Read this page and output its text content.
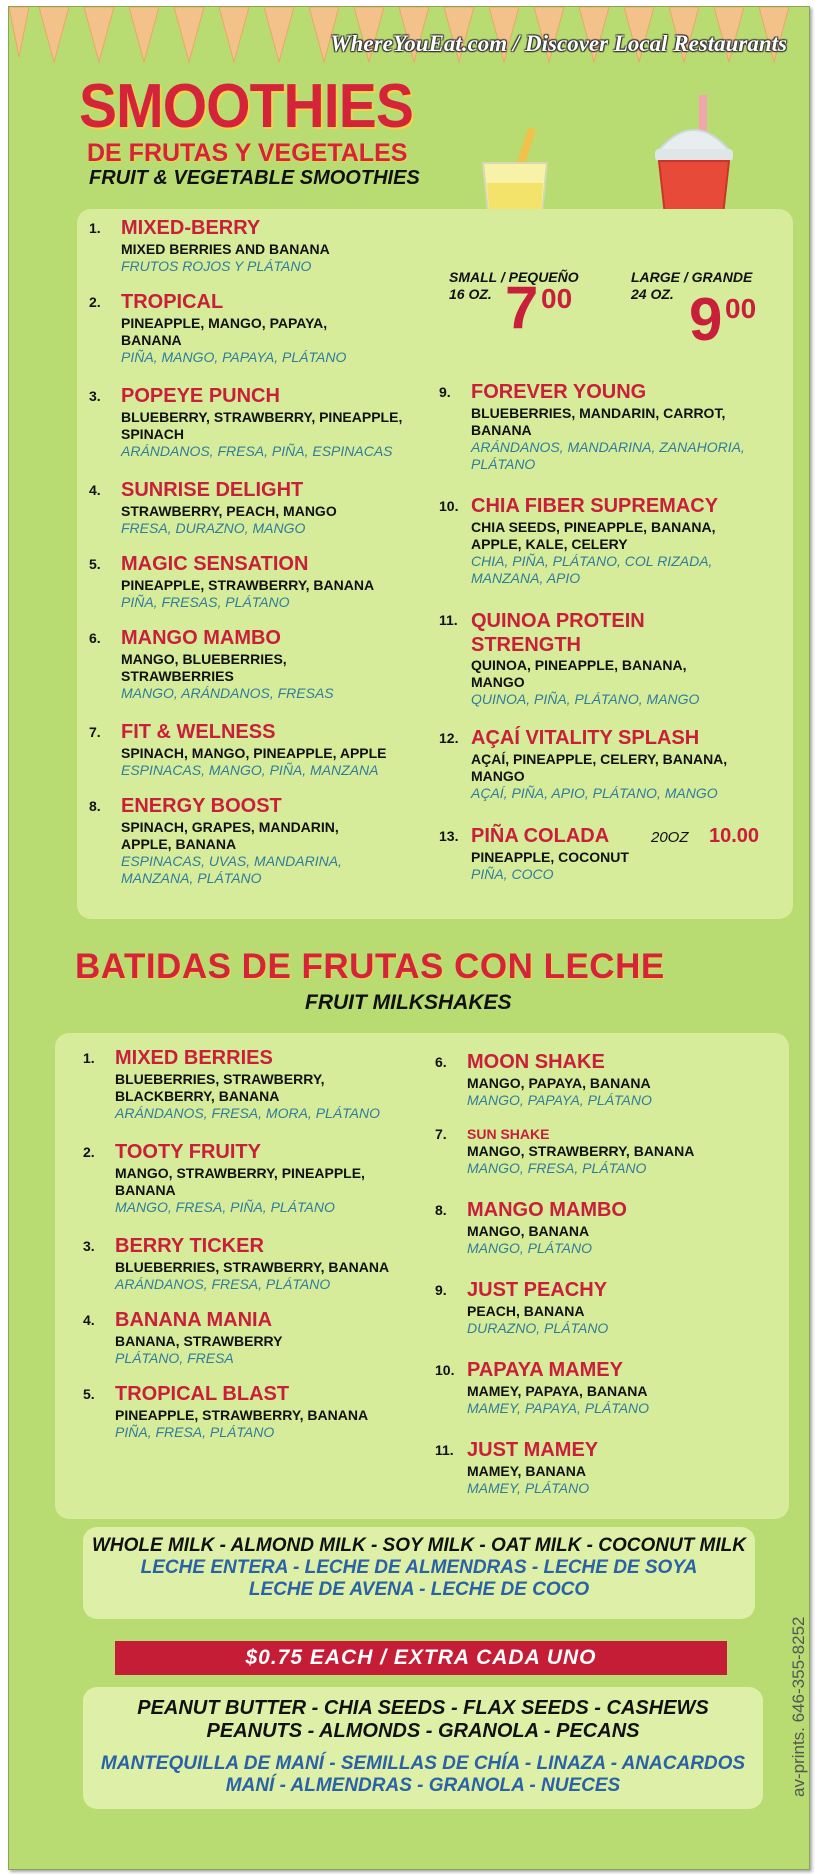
WhereYouEat.com / Discover Local Restaurants
SMOOTHIES
DE FRUTAS Y VEGETALES
FRUIT & VEGETABLE SMOOTHIES
SMALL / PEQUEÑO
16 OZ. 7 00
LARGE / GRANDE
24 OZ. 9 00
1. MIXED-BERRY
MIXED BERRIES AND BANANA
FRUTOS ROJOS Y PLÁTANO
2. TROPICAL
PINEAPPLE, MANGO, PAPAYA, BANANA
PIÑA, MANGO, PAPAYA, PLÁTANO
3. POPEYE PUNCH
BLUEBERRY, STRAWBERRY, PINEAPPLE, SPINACH
ARÁNDANOS, FRESA, PIÑA, ESPINACAS
4. SUNRISE DELIGHT
STRAWBERRY, PEACH, MANGO
FRESA, DURAZNO, MANGO
5. MAGIC SENSATION
PINEAPPLE, STRAWBERRY, BANANA
PIÑA, FRESAS, PLÁTANO
6. MANGO MAMBO
MANGO, BLUEBERRIES, STRAWBERRIES
MANGO, ARÁNDANOS, FRESAS
7. FIT & WELNESS
SPINACH, MANGO, PINEAPPLE, APPLE
ESPINACAS, MANGO, PIÑA, MANZANA
8. ENERGY BOOST
SPINACH, GRAPES, MANDARIN, APPLE, BANANA
ESPINACAS, UVAS, MANDARINA, MANZANA, PLÁTANO
9. FOREVER YOUNG
BLUEBERRIES, MANDARIN, CARROT, BANANA
ARÁNDANOS, MANDARINA, ZANAHORIA, PLÁTANO
10. CHIA FIBER SUPREMACY
CHIA SEEDS, PINEAPPLE, BANANA, APPLE, KALE, CELERY
CHIA, PIÑA, PLÁTANO, COL RIZADA, MANZANA, APIO
11. QUINOA PROTEIN STRENGTH
QUINOA, PINEAPPLE, BANANA, MANGO
QUINOA, PIÑA, PLÁTANO, MANGO
12. AÇAÍ VITALITY SPLASH
AÇAÍ, PINEAPPLE, CELERY, BANANA, MANGO
AÇAÍ, PIÑA, APIO, PLÁTANO, MANGO
13. PIÑA COLADA
PINEAPPLE, COCONUT
PIÑA, COCO
20OZ 10.00
BATIDAS DE FRUTAS CON LECHE
FRUIT MILKSHAKES
1. MIXED BERRIES
BLUEBERRIES, STRAWBERRY, BLACKBERRY, BANANA
ARÁNDANOS, FRESA, MORA, PLÁTANO
2. TOOTY FRUITY
MANGO, STRAWBERRY, PINEAPPLE, BANANA
MANGO, FRESA, PIÑA, PLÁTANO
3. BERRY TICKER
BLUEBERRIES, STRAWBERRY, BANANA
ARÁNDANOS, FRESA, PLÁTANO
4. BANANA MANIA
BANANA, STRAWBERRY
PLÁTANO, FRESA
5. TROPICAL BLAST
PINEAPPLE, STRAWBERRY, BANANA
PIÑA, FRESA, PLÁTANO
6. MOON SHAKE
MANGO, PAPAYA, BANANA
MANGO, PAPAYA, PLÁTANO
7. SUN SHAKE
MANGO, STRAWBERRY, BANANA
MANGO, FRESA, PLÁTANO
8. MANGO MAMBO
MANGO, BANANA
MANGO, PLÁTANO
9. JUST PEACHY
PEACH, BANANA
DURAZNO, PLÁTANO
10. PAPAYA MAMEY
MAMEY, PAPAYA, BANANA
MAMEY, PAPAYA, PLÁTANO
11. JUST MAMEY
MAMEY, BANANA
MAMEY, PLÁTANO
WHOLE MILK - ALMOND MILK - SOY MILK - OAT MILK - COCONUT MILK
LECHE ENTERA - LECHE DE ALMENDRAS - LECHE DE SOYA
LECHE DE AVENA - LECHE DE COCO
$0.75 EACH / EXTRA CADA UNO
PEANUT BUTTER - CHIA SEEDS - FLAX SEEDS - CASHEWS
PEANUTS - ALMONDS - GRANOLA - PECANS
MANTEQUILLA DE MANÍ - SEMILLAS DE CHÍA - LINAZA - ANACARDOS
MANÍ - ALMENDRAS - GRANOLA - NUECES	av-prints. 646-355-8252
